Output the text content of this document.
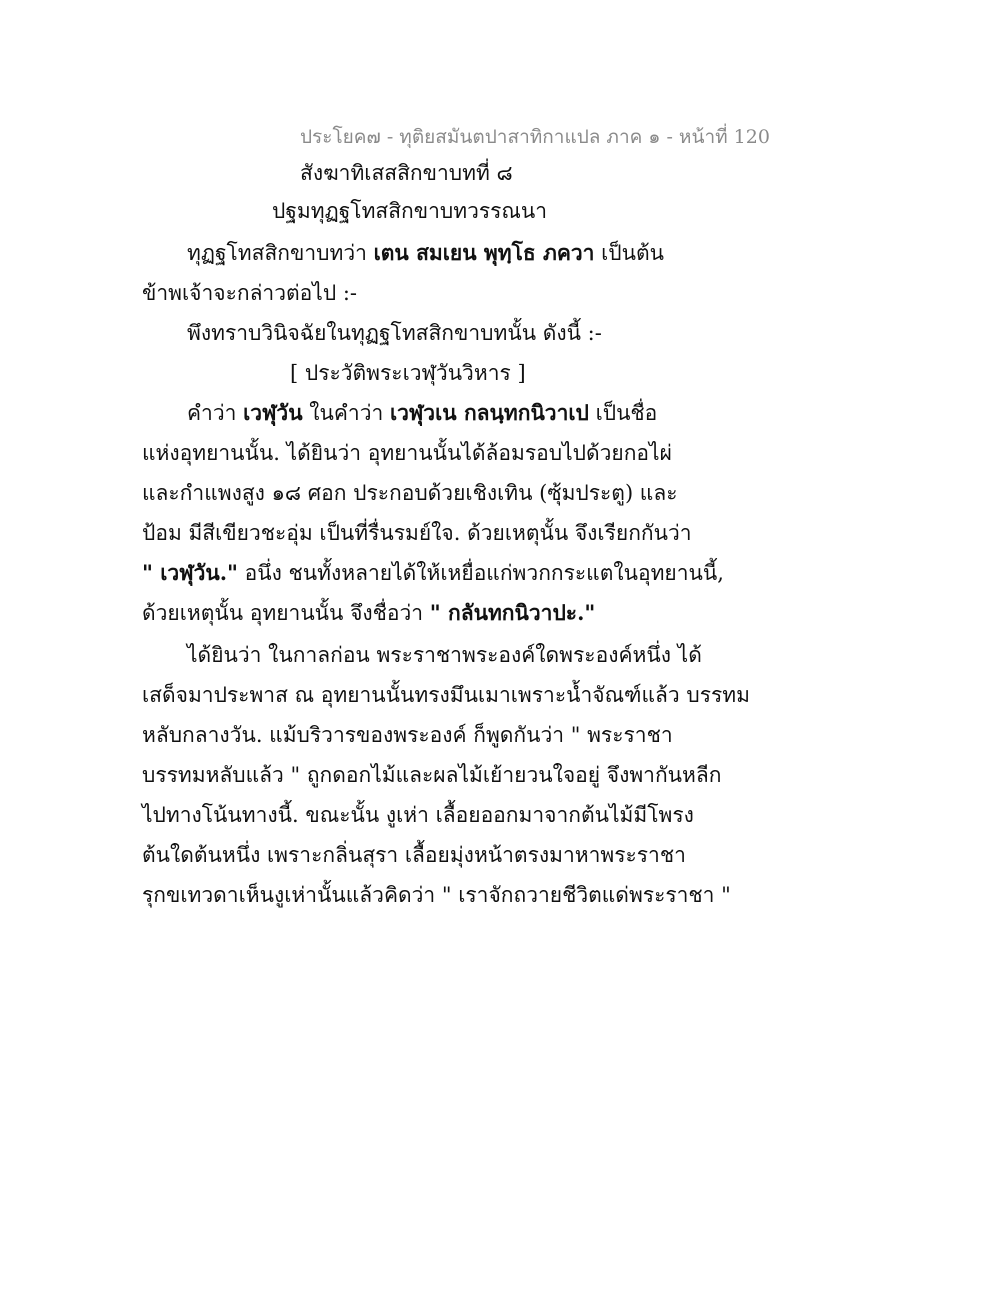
ประโยค๗ - ทุติยสมันตปาสาทิกาแปล ภาค ๑ - หน้าที่ 120
สังฆาทิเสสสิกขาบทที่ ๘
ปฐมทุฏฐโทสสิกขาบทวรรณนา
ทุฏฐโทสสิกขาบทว่า เตน สมเยน พุทฺโธ ภควา เป็นต้น
ข้าพเจ้าจะกล่าวต่อไป :-
พึงทราบวินิจฉัยในทุฏฐโทสสิกขาบทนั้น ดังนี้ :-
[ ประวัติพระเวฬุวันวิหาร ]
คำว่า เวฬุวัน ในคำว่า เวฬุวเน กลนฺทกนิวาเป เป็นชื่อ
แห่งอุทยานนั้น. ได้ยินว่า อุทยานนั้นได้ล้อมรอบไปด้วยกอไผ่
และกำแพงสูง ๑๘ ศอก ประกอบด้วยเชิงเทิน (ซุ้มประตู) และ
ป้อม มีสีเขียวชะอุ่ม เป็นที่รื่นรมย์ใจ. ด้วยเหตุนั้น จึงเรียกกันว่า
" เวฬุวัน." อนึ่ง ชนทั้งหลายได้ให้เหยื่อแก่พวกกระแตในอุทยานนี้,
ด้วยเหตุนั้น อุทยานนั้น จึงชื่อว่า " กลันทกนิวาปะ."
ได้ยินว่า ในกาลก่อน พระราชาพระองค์ใดพระองค์หนึ่ง ได้
เสด็จมาประพาส ณ อุทยานนั้นทรงมึนเมาเพราะน้ำจัณฑ์แล้ว บรรทม
หลับกลางวัน. แม้บริวารของพระองค์ ก็พูดกันว่า " พระราชา
บรรทมหลับแล้ว " ถูกดอกไม้และผลไม้เย้ายวนใจอยู่ จึงพากันหลีก
ไปทางโน้นทางนี้. ขณะนั้น งูเห่า เลื้อยออกมาจากต้นไม้มีโพรง
ต้นใดต้นหนึ่ง เพราะกลิ่นสุรา เลื้อยมุ่งหน้าตรงมาหาพระราชา
รุกขเทวดาเห็นงูเห่านั้นแล้วคิดว่า " เราจักถวายชีวิตแด่พระราชา "
